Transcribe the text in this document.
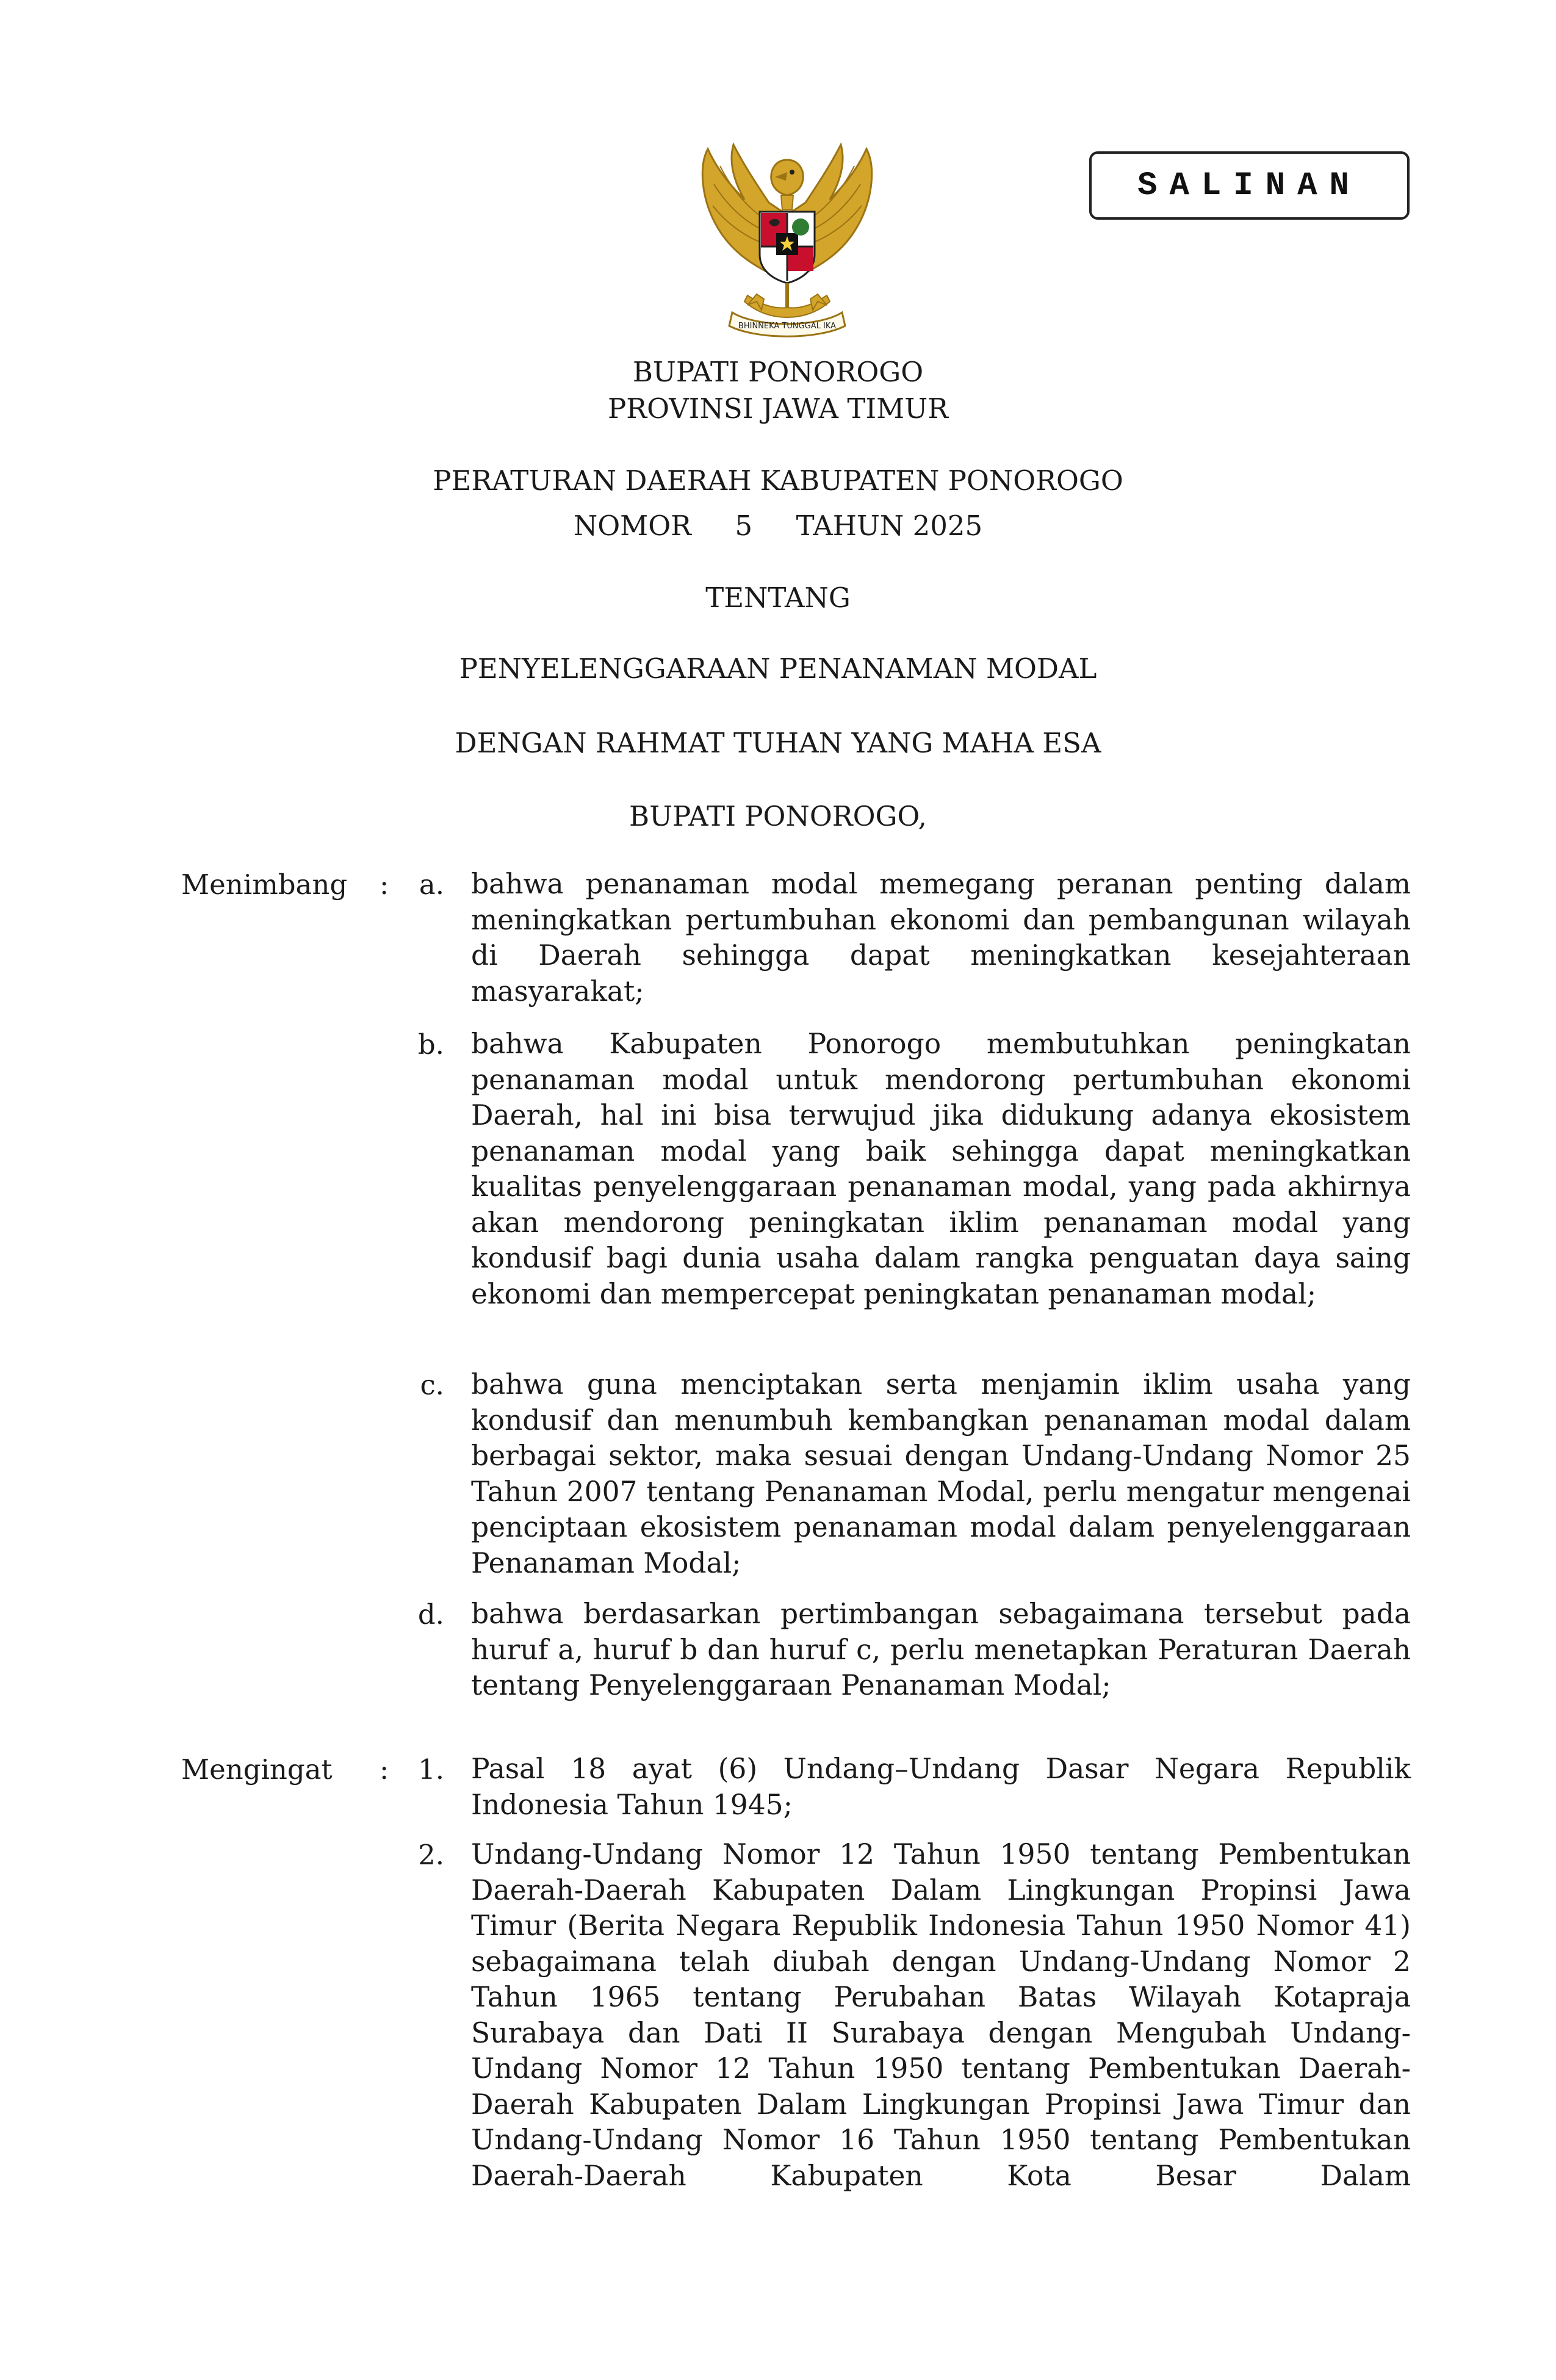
SALINAN
BHINNEKA TUNGGAL IKA
BUPATI PONOROGO
PROVINSI JAWA TIMUR
PERATURAN DAERAH KABUPATEN PONOROGO
NOMOR     5     TAHUN 2025
TENTANG
PENYELENGGARAAN PENANAMAN MODAL
DENGAN RAHMAT TUHAN YANG MAHA ESA
BUPATI PONOROGO,
Menimbang :	a. bahwa penanaman modal memegang peranan penting dalam meningkatkan pertumbuhan ekonomi dan pembangunan wilayah di Daerah sehingga dapat meningkatkan kesejahteraan masyarakat;
b. bahwa Kabupaten Ponorogo membutuhkan peningkatan penanaman modal untuk mendorong pertumbuhan ekonomi Daerah, hal ini bisa terwujud jika didukung adanya ekosistem penanaman modal yang baik sehingga dapat meningkatkan kualitas penyelenggaraan penanaman modal, yang pada akhirnya akan mendorong peningkatan iklim penanaman modal yang kondusif bagi dunia usaha dalam rangka penguatan daya saing ekonomi dan mempercepat peningkatan penanaman modal;
c. bahwa guna menciptakan serta menjamin iklim usaha yang kondusif dan menumbuh kembangkan penanaman modal dalam berbagai sektor, maka sesuai dengan Undang-Undang Nomor 25 Tahun 2007 tentang Penanaman Modal, perlu mengatur mengenai penciptaan ekosistem penanaman modal dalam penyelenggaraan Penanaman Modal;
d. bahwa berdasarkan pertimbangan sebagaimana tersebut pada huruf a, huruf b dan huruf c, perlu menetapkan Peraturan Daerah tentang Penyelenggaraan Penanaman Modal;
Mengingat :	1. Pasal 18 ayat (6) Undang–Undang Dasar Negara Republik Indonesia Tahun 1945;
2. Undang-Undang Nomor 12 Tahun 1950 tentang Pembentukan Daerah-Daerah Kabupaten Dalam Lingkungan Propinsi Jawa Timur (Berita Negara Republik Indonesia Tahun 1950 Nomor 41) sebagaimana telah diubah dengan Undang-Undang Nomor 2 Tahun 1965 tentang Perubahan Batas Wilayah Kotapraja Surabaya dan Dati II Surabaya dengan Mengubah Undang-Undang Nomor 12 Tahun 1950 tentang Pembentukan Daerah-Daerah Kabupaten Dalam Lingkungan Propinsi Jawa Timur dan Undang-Undang Nomor 16 Tahun 1950 tentang Pembentukan Daerah-Daerah Kabupaten Kota Besar Dalam
